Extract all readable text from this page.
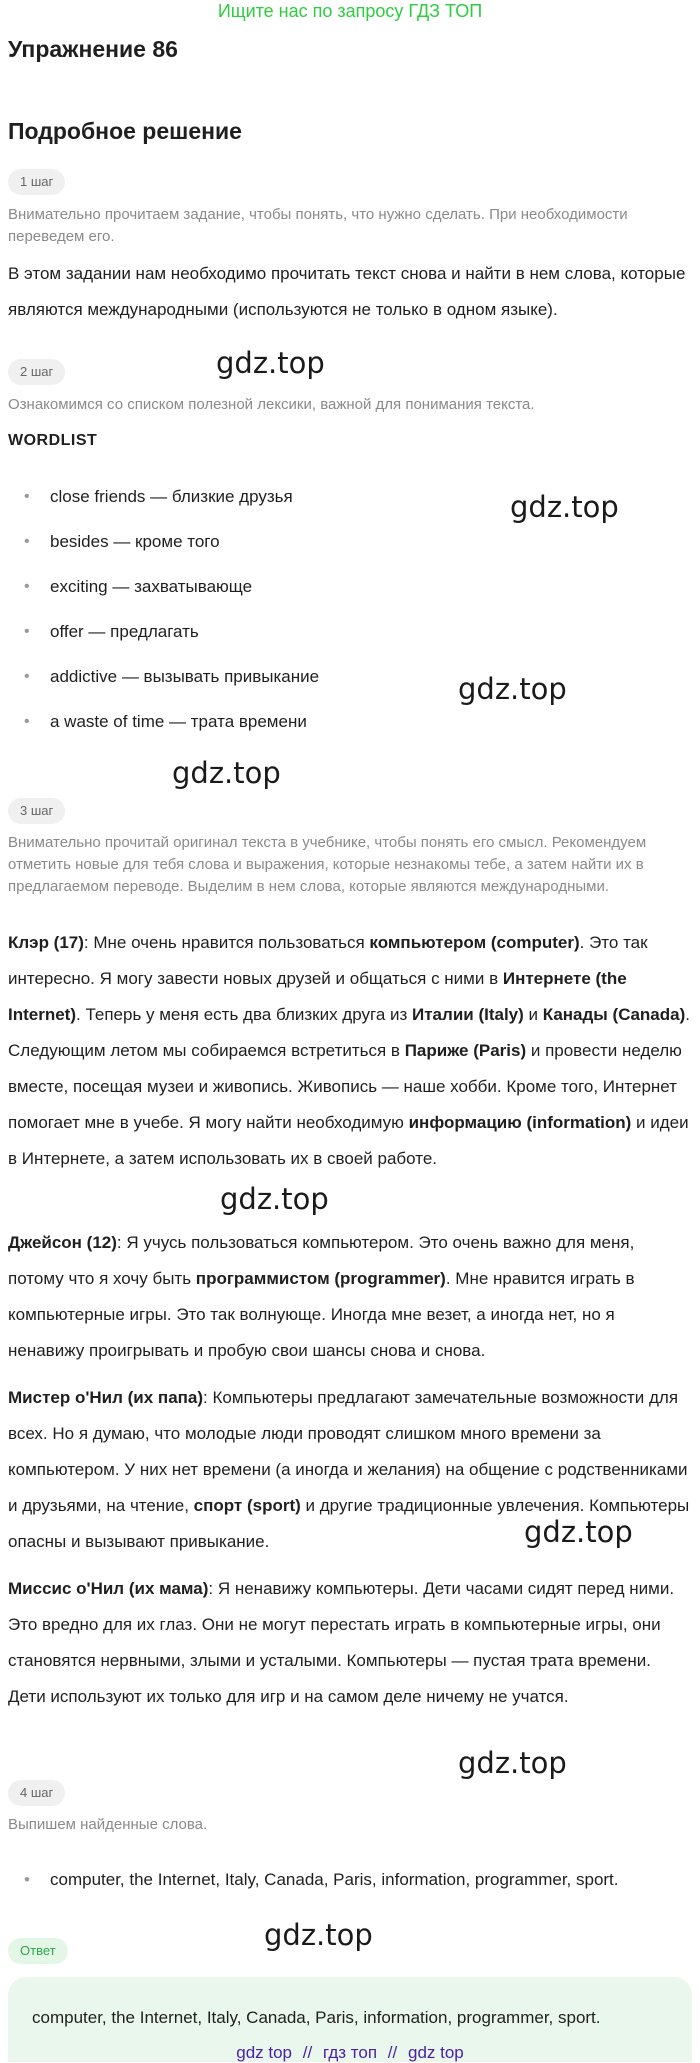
Ищите нас по запросу ГДЗ ТОП
Упражнение 86
Подробное решение
1 шаг
Внимательно прочитаем задание, чтобы понять, что нужно сделать. При необходимости переведем его.
В этом задании нам необходимо прочитать текст снова и найти в нем слова, которые являются международными (используются не только в одном языке).
2 шаг
Ознакомимся со списком полезной лексики, важной для понимания текста.
WORDLIST
• close friends — близкие друзья
• besides — кроме того
• exciting — захватывающе
• offer — предлагать
• addictive — вызывать привыкание
• a waste of time — трата времени
3 шаг
Внимательно прочитай оригинал текста в учебнике, чтобы понять его смысл. Рекомендуем отметить новые для тебя слова и выражения, которые незнакомы тебе, а затем найти их в предлагаемом переводе. Выделим в нем слова, которые являются международными.
Клэр (17): Мне очень нравится пользоваться компьютером (computer). Это так интересно. Я могу завести новых друзей и общаться с ними в Интернете (the Internet). Теперь у меня есть два близких друга из Италии (Italy) и Канады (Canada). Следующим летом мы собираемся встретиться в Париже (Paris) и провести неделю вместе, посещая музеи и живопись. Живопись — наше хобби. Кроме того, Интернет помогает мне в учебе. Я могу найти необходимую информацию (information) и идеи в Интернете, а затем использовать их в своей работе.
Джейсон (12): Я учусь пользоваться компьютером. Это очень важно для меня, потому что я хочу быть программистом (programmer). Мне нравится играть в компьютерные игры. Это так волнующе. Иногда мне везет, а иногда нет, но я ненавижу проигрывать и пробую свои шансы снова и снова.
Мистер о'Нил (их папа): Компьютеры предлагают замечательные возможности для всех. Но я думаю, что молодые люди проводят слишком много времени за компьютером. У них нет времени (а иногда и желания) на общение с родственниками и друзьями, на чтение, спорт (sport) и другие традиционные увлечения. Компьютеры опасны и вызывают привыкание.
Миссис о'Нил (их мама): Я ненавижу компьютеры. Дети часами сидят перед ними. Это вредно для их глаз. Они не могут перестать играть в компьютерные игры, они становятся нервными, злыми и усталыми. Компьютеры — пустая трата времени. Дети используют их только для игр и на самом деле ничему не учатся.
4 шаг
Выпишем найденные слова.
• computer, the Internet, Italy, Canada, Paris, information, programmer, sport.
Ответ
computer, the Internet, Italy, Canada, Paris, information, programmer, sport.
gdz.top
gdz.top
gdz.top
gdz.top
gdz.top
gdz.top
gdz.top
gdz.top
gdz top // гдз топ // gdz top
